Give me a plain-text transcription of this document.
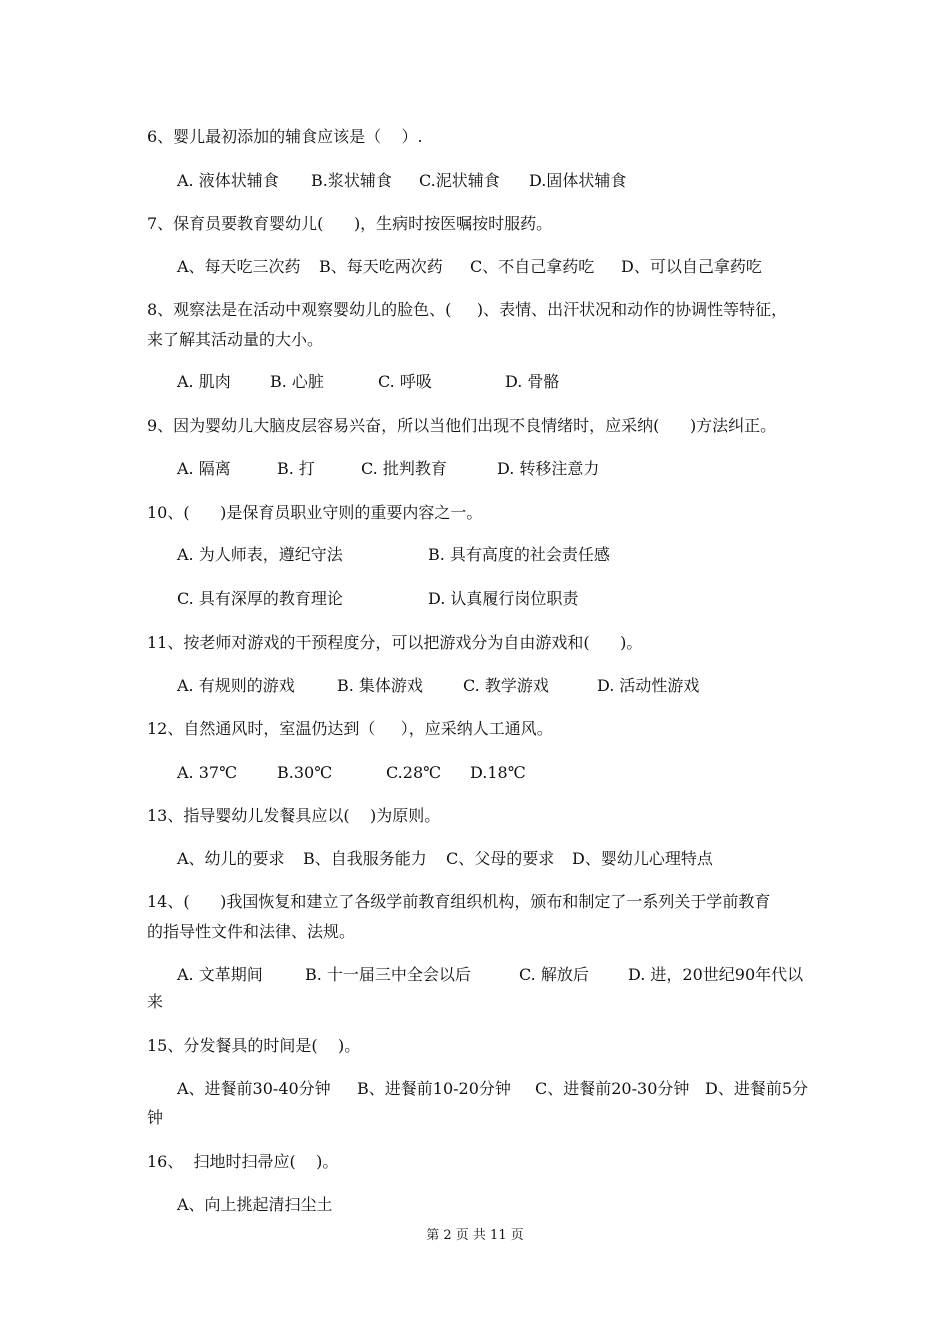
6、婴儿最初添加的辅食应该是（    ）.
A. 液体状辅食 B.浆状辅食 C.泥状辅食 D.固体状辅食
7、保育员要教育婴幼儿(      )，生病时按医嘱按时服药。
A、每天吃三次药 B、每天吃两次药 C、不自己拿药吃 D、可以自己拿药吃
8、观察法是在活动中观察婴幼儿的脸色、(     )、表情、出汗状况和动作的协调性等特征，
来了解其活动量的大小。
A. 肌肉 B. 心脏	C. 呼吸	D. 骨骼
9、因为婴幼儿大脑皮层容易兴奋，所以当他们出现不良情绪时，应采纳(      )方法纠正。
A. 隔离	B. 打	C. 批判教育	D. 转移注意力
10、(      )是保育员职业守则的重要内容之一。
A. 为人师表，遵纪守法	B. 具有高度的社会责任感
C. 具有深厚的教育理论	D. 认真履行岗位职责
11、按老师对游戏的干预程度分，可以把游戏分为自由游戏和(      )。
A. 有规则的游戏	B. 集体游戏	C. 教学游戏	D. 活动性游戏
12、自然通风时，室温仍达到（     ），应采纳人工通风。
A. 37℃	B.30℃	C.28℃ D.18℃
13、指导婴幼儿发餐具应以(    )为原则。
A、幼儿的要求 B、自我服务能力 C、父母的要求 D、婴幼儿心理特点
14、(      )我国恢复和建立了各级学前教育组织机构，颁布和制定了一系列关于学前教育
的指导性文件和法律、法规。
A. 文革期间	B. 十一届三中全会以后	C. 解放后 D. 进，20世纪90年代以
来
15、分发餐具的时间是(    )。
A、进餐前30-40分钟 B、进餐前10-20分钟 C、进餐前20-30分钟 D、进餐前5分
钟
16、  扫地时扫帚应(    )。
A、向上挑起清扫尘土
第 2 页 共 11 页
